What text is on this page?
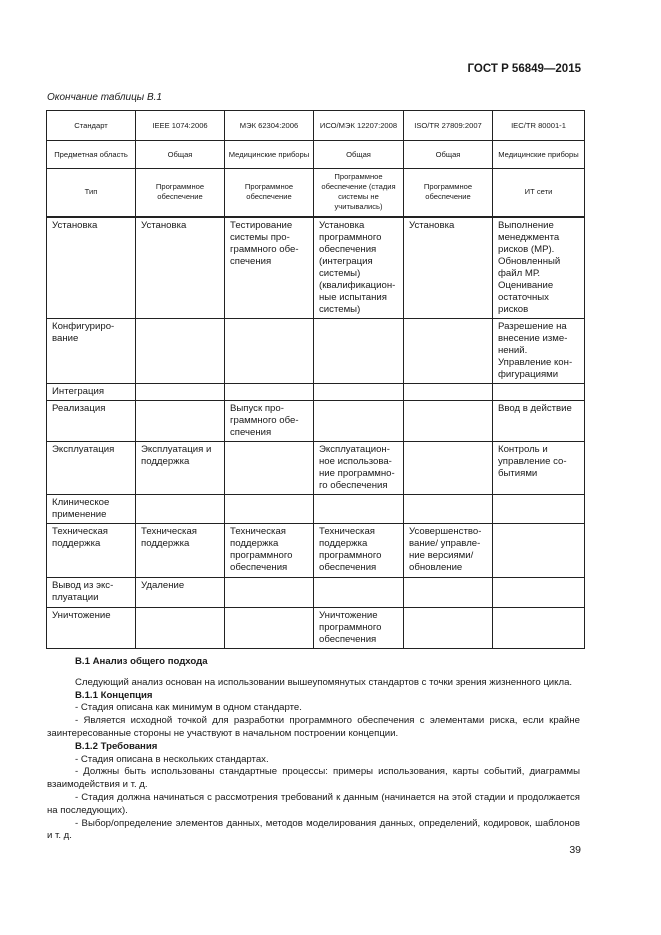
ГОСТ Р 56849—2015
Окончание таблицы В.1
Стандарт	IEEE 1074:2006	МЭК 62304:2006	ИСО/МЭК 12207:2008	ISO/TR 27809:2007	IEC/TR 80001-1
Предметная область	Общая	Медицинские приборы	Общая	Общая	Медицинские приборы
Тип	Программное обеспечение	Программное обеспечение	Программное обеспечение (стадия системы не учитывались)	Программное обеспечение	ИТ сети
Установка	Установка	Тестирование системы программного обеспечения	Установка программного обеспечения (интеграция системы) (квалификационные испытания системы)	Установка	Выполнение менеджмента рисков (МР). Обновленный файл МР. Оценивание остаточных рисков
Конфигурирование					Разрешение на внесение изменений. Управление конфигурациями
Интеграция					
Реализация		Выпуск программного обеспечения			Ввод в действие
Эксплуатация	Эксплуатация и поддержка		Эксплуатационное использование программного обеспечения		Контроль и управление событиями
Клиническое применение					
Техническая поддержка	Техническая поддержка	Техническая поддержка программного обеспечения	Техническая поддержка программного обеспечения	Усовершенствование/ управление версиями/ обновление	
Вывод из эксплуатации	Удаление				
Уничтожение			Уничтожение программного обеспечения		

В.1 Анализ общего подхода

Следующий анализ основан на использовании вышеупомянутых стандартов с точки зрения жизненного цикла.

В.1.1 Концепция

- Стадия описана как минимум в одном стандарте.

- Является исходной точкой для разработки программного обеспечения с элементами риска, если крайне заинтересованные стороны не участвуют в начальном построении концепции.

В.1.2 Требования

- Стадия описана в нескольких стандартах.

- Должны быть использованы стандартные процессы: примеры использования, карты событий, диаграммы взаимодействия и т. д.

- Стадия должна начинаться с рассмотрения требований к данным (начинается на этой стадии и продолжается на последующих).

- Выбор/определение элементов данных, методов моделирования данных, определений, кодировок, шаблонов и т. д.

39
